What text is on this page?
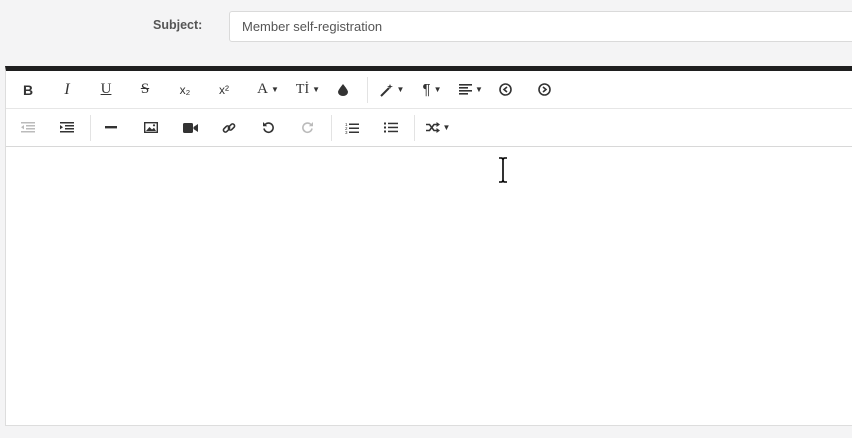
Subject:	Member self-registration
B	I	U	S	x₂	x²	A ▼ Tİ ▼	▼ ¶ ▼	▼
1
2
3	▼
